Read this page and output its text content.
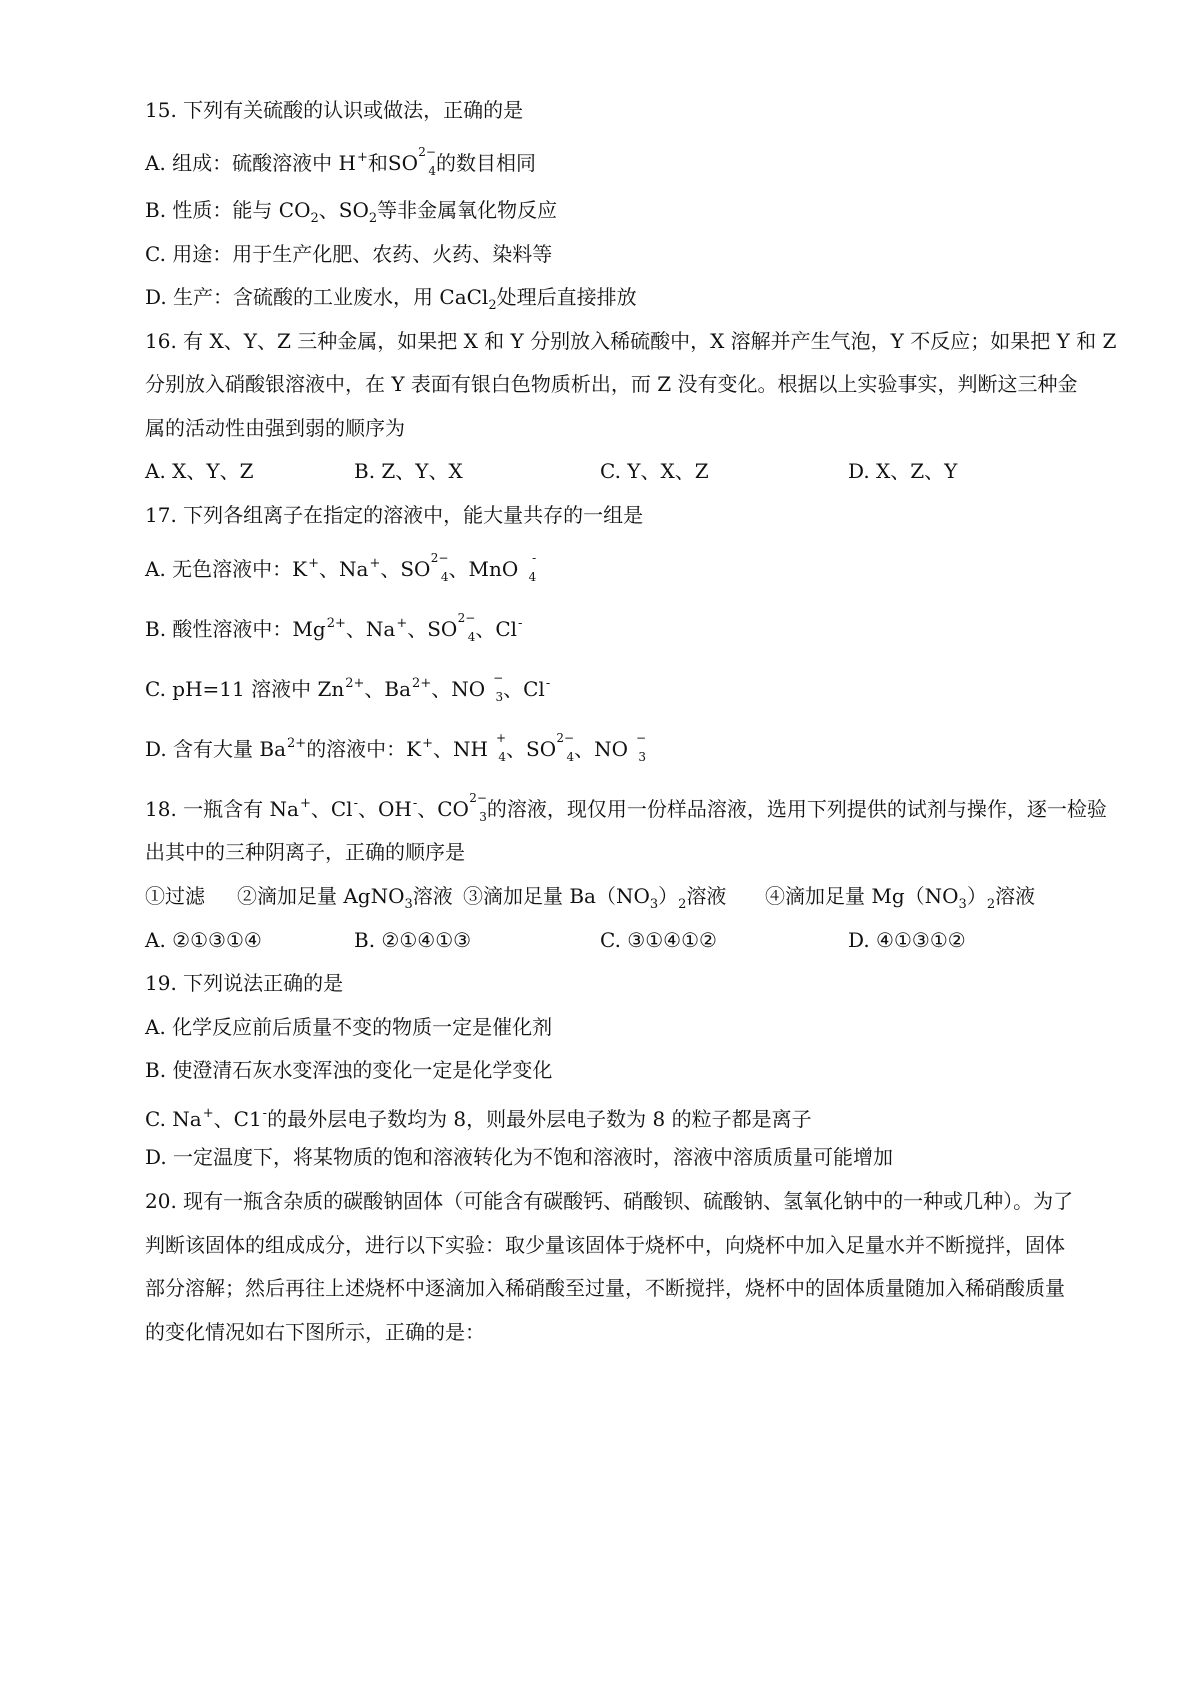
15. 下列有关硫酸的认识或做法，正确的是
A. 组成：硫酸溶液中 H+和SO 2−
4 的数目相同
B. 性质：能与 $CO_2$、$SO_2$等非金属氧化物反应
C. 用途：用于生产化肥、农药、火药、染料等
D. 生产：含硫酸的工业废水，用 CaCl$_2$处理后直接排放
16. 有 X、Y、Z 三种金属，如果把 X 和 Y 分别放入稀硫酸中，X 溶解并产生气泡，Y 不反应；如果把 Y 和 Z
分别放入硝酸银溶液中，在 Y 表面有银白色物质析出，而 Z 没有变化。根据以上实验事实，判断这三种金
属的活动性由强到弱的顺序为
A. X、Y、Z	B. Z、Y、X	C. Y、X、Z	D. X、Z、Y
17. 下列各组离子在指定的溶液中，能大量共存的一组是
A. 无色溶液中：K+、Na+、SO 2−
4 、MnO -
4
B. 酸性溶液中：$Mg^{2+}$、Na+、SO 2−
4 、Cl-
C. pH=11 溶液中 $Zn^{2+}$、$Ba^{2+}$、NO −
3 、Cl-
D. 含有大量 $Ba^{2+}$的溶液中：K+、NH +
4 、SO 2−
4 、NO −
3
18. 一瓶含有 Na+、Cl-、OH-、CO 2−
3 的溶液，现仅用一份样品溶液，选用下列提供的试剂与操作，逐一检验
出其中的三种阴离子，正确的顺序是
①过滤 ②滴加足量 AgNO$_3$溶液 ③滴加足量 $Ba(NO_3)_2$溶液 ④滴加足量 $Mg(NO_3)_2$溶液
A. ②①③①④	B. ②①④①③	C. ③①④①②	D. ④①③①②
19. 下列说法正确的是
A. 化学反应前后质量不变的物质一定是催化剂
B. 使澄清石灰水变浑浊的变化一定是化学变化
C. Na+、C1-的最外层电子数均为 8，则最外层电子数为 8 的粒子都是离子
D. 一定温度下，将某物质的饱和溶液转化为不饱和溶液时，溶液中溶质质量可能增加
20. 现有一瓶含杂质的碳酸钠固体（可能含有碳酸钙、硝酸钡、硫酸钠、氢氧化钠中的一种或几种）。为了
判断该固体的组成成分，进行以下实验：取少量该固体于烧杯中，向烧杯中加入足量水并不断搅拌，固体
部分溶解；然后再往上述烧杯中逐滴加入稀硝酸至过量，不断搅拌，烧杯中的固体质量随加入稀硝酸质量
的变化情况如右下图所示，正确的是：
